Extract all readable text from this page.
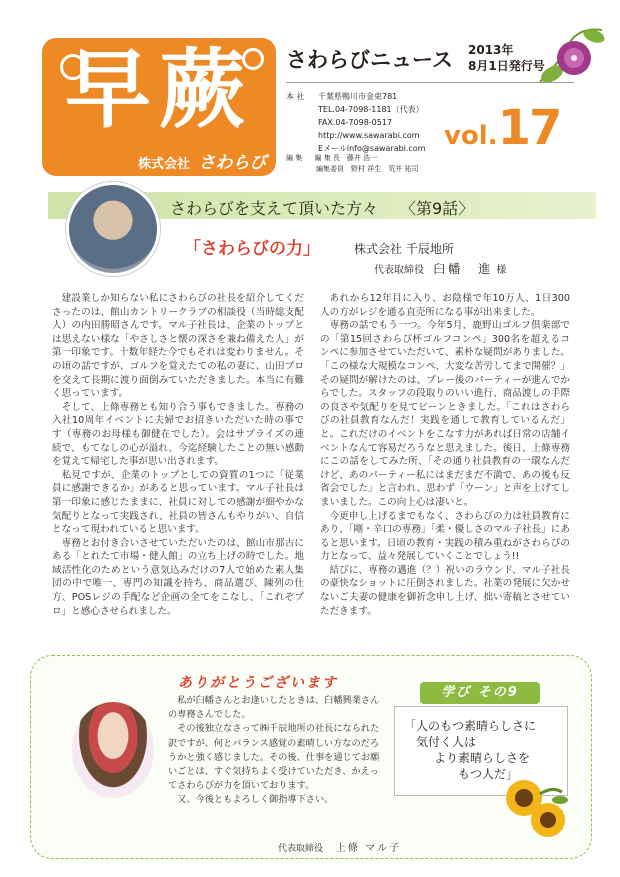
早蕨
株式会社 さわらび
さわらびニュース 2013年
8月1日発行号
本 社 千葉県鴨川市金束781
TEL.04-7098-1181（代表）
FAX.04-7098-0517
http://www.sawarabi.com
Eメールinfo@sawarabi.com
編 集 編 集 長　藤井 浩一
編集委員　野村 祥生　荒井 祐司
vol.17
さわらびを支えて頂いた方々 〈第9話〉
「さわらびの力」	株式会社 千辰地所
代表取締役 臼幡　進 様

建設業しか知らない私にさわらびの社長を紹介してくださったのは、館山カントリークラブの相談役（当時総支配人）の内田勝昭さんです。マル子社長は、企業のトップとは思えない様な「やさしさと懐の深さを兼ね備えた人」が第一印象です。十数年経た今でもそれは変わりません。その頃の話ですが、ゴルフを覚えたての私の妻に、山田プロを交えて長期に渡り面倒みていただきました。本当に有難く思っています。

そして、上條専務とも知り合う事もできました。専務の入社10周年イベントに夫婦でお招きいただいた時の事です（専務のお母様も御健在でした）。会はサプライズの連続で、もてなしの心が溢れ、今迄経験したことの無い感動を覚えて帰宅した事が思い出されます。

私見ですが、企業のトップとしての資質の1つに「従業員に感謝できるか」があると思っています。マル子社長は第一印象に感じたままに、社員に対しての感謝が細やかな気配りとなって実践され、社員の皆さんもやりがい、自信となって現われていると思います。

専務とお付き合いさせていただいたのは、館山市那古にある「とれたて市場・健人館」の立ち上げの時でした。地域活性化のためという意気込みだけの7人で始めた素人集団の中で唯一、専門の知識を持ち、商品選び、陳列の仕方、POSレジの手配など企画の全てをこなし、「これぞプロ」と感心させられました。

あれから12年目に入り、お陰様で年10万人、1日300人の方がレジを通る直売所になる事が出来ました。

専務の話でもう一つ。今年5月、鹿野山ゴルフ倶楽部での「第15回さわらび杯ゴルフコンペ」300名を超えるコンペに参加させていただいて、素朴な疑問がありました。「この様な大規模なコンペ、大変な苦労してまで開催？」その疑問が解けたのは、プレー後のパーティーが進んでからでした。スタッフの段取りのいい進行、商品渡しの手際の良さや気配りを見てピーンときました。「これはさわらびの社員教育なんだ！実践を通して教育しているんだ」と。これだけのイベントをこなす力があれば日常の店舗イベントなんて容易だろうなと思えました。後日、上條専務にこの話をしてみた所、「その通り社員教育の一環なんだけど、あのパーティー私にはまだまだ不満で、あの後も反省会でした」と言われ、思わず「ウーン」と声を上げてしまいました。この向上心は凄いと。

今更申し上げるまでもなく、さわらびの力は社員教育にあり、「剛・辛口の専務」「柔・優しさのマル子社長」にあると思います。日頃の教育・実践の積み重ねがさわらびの力となって、益々発展していくことでしょう!!

結びに、専務の邁進（？）祝いのラウンド、マル子社長の豪快なショットに圧倒されました。社業の発展に欠かせないご夫妻の健康を御祈念申し上げ、拙い寄稿とさせていただきます。

ありがとうございます

私が臼幡さんとお逢いしたときは、臼幡興業さんの専務さんでした。

その後独立なさって㈱千辰地所の社長になられた訳ですが、何とバランス感覚の素晴しい方なのだろうかと強く感じました。その後、仕事を通じてお願いごとは、すぐ気持ちよく受けていただき、かえってさわらびが力を頂いております。

又、今後ともよろしく御指導下さい。

代表取締役 上條 マル子
学び その9
「人のもつ素晴らしさに
気付く人は
より素晴らしさを
もつ人だ」
